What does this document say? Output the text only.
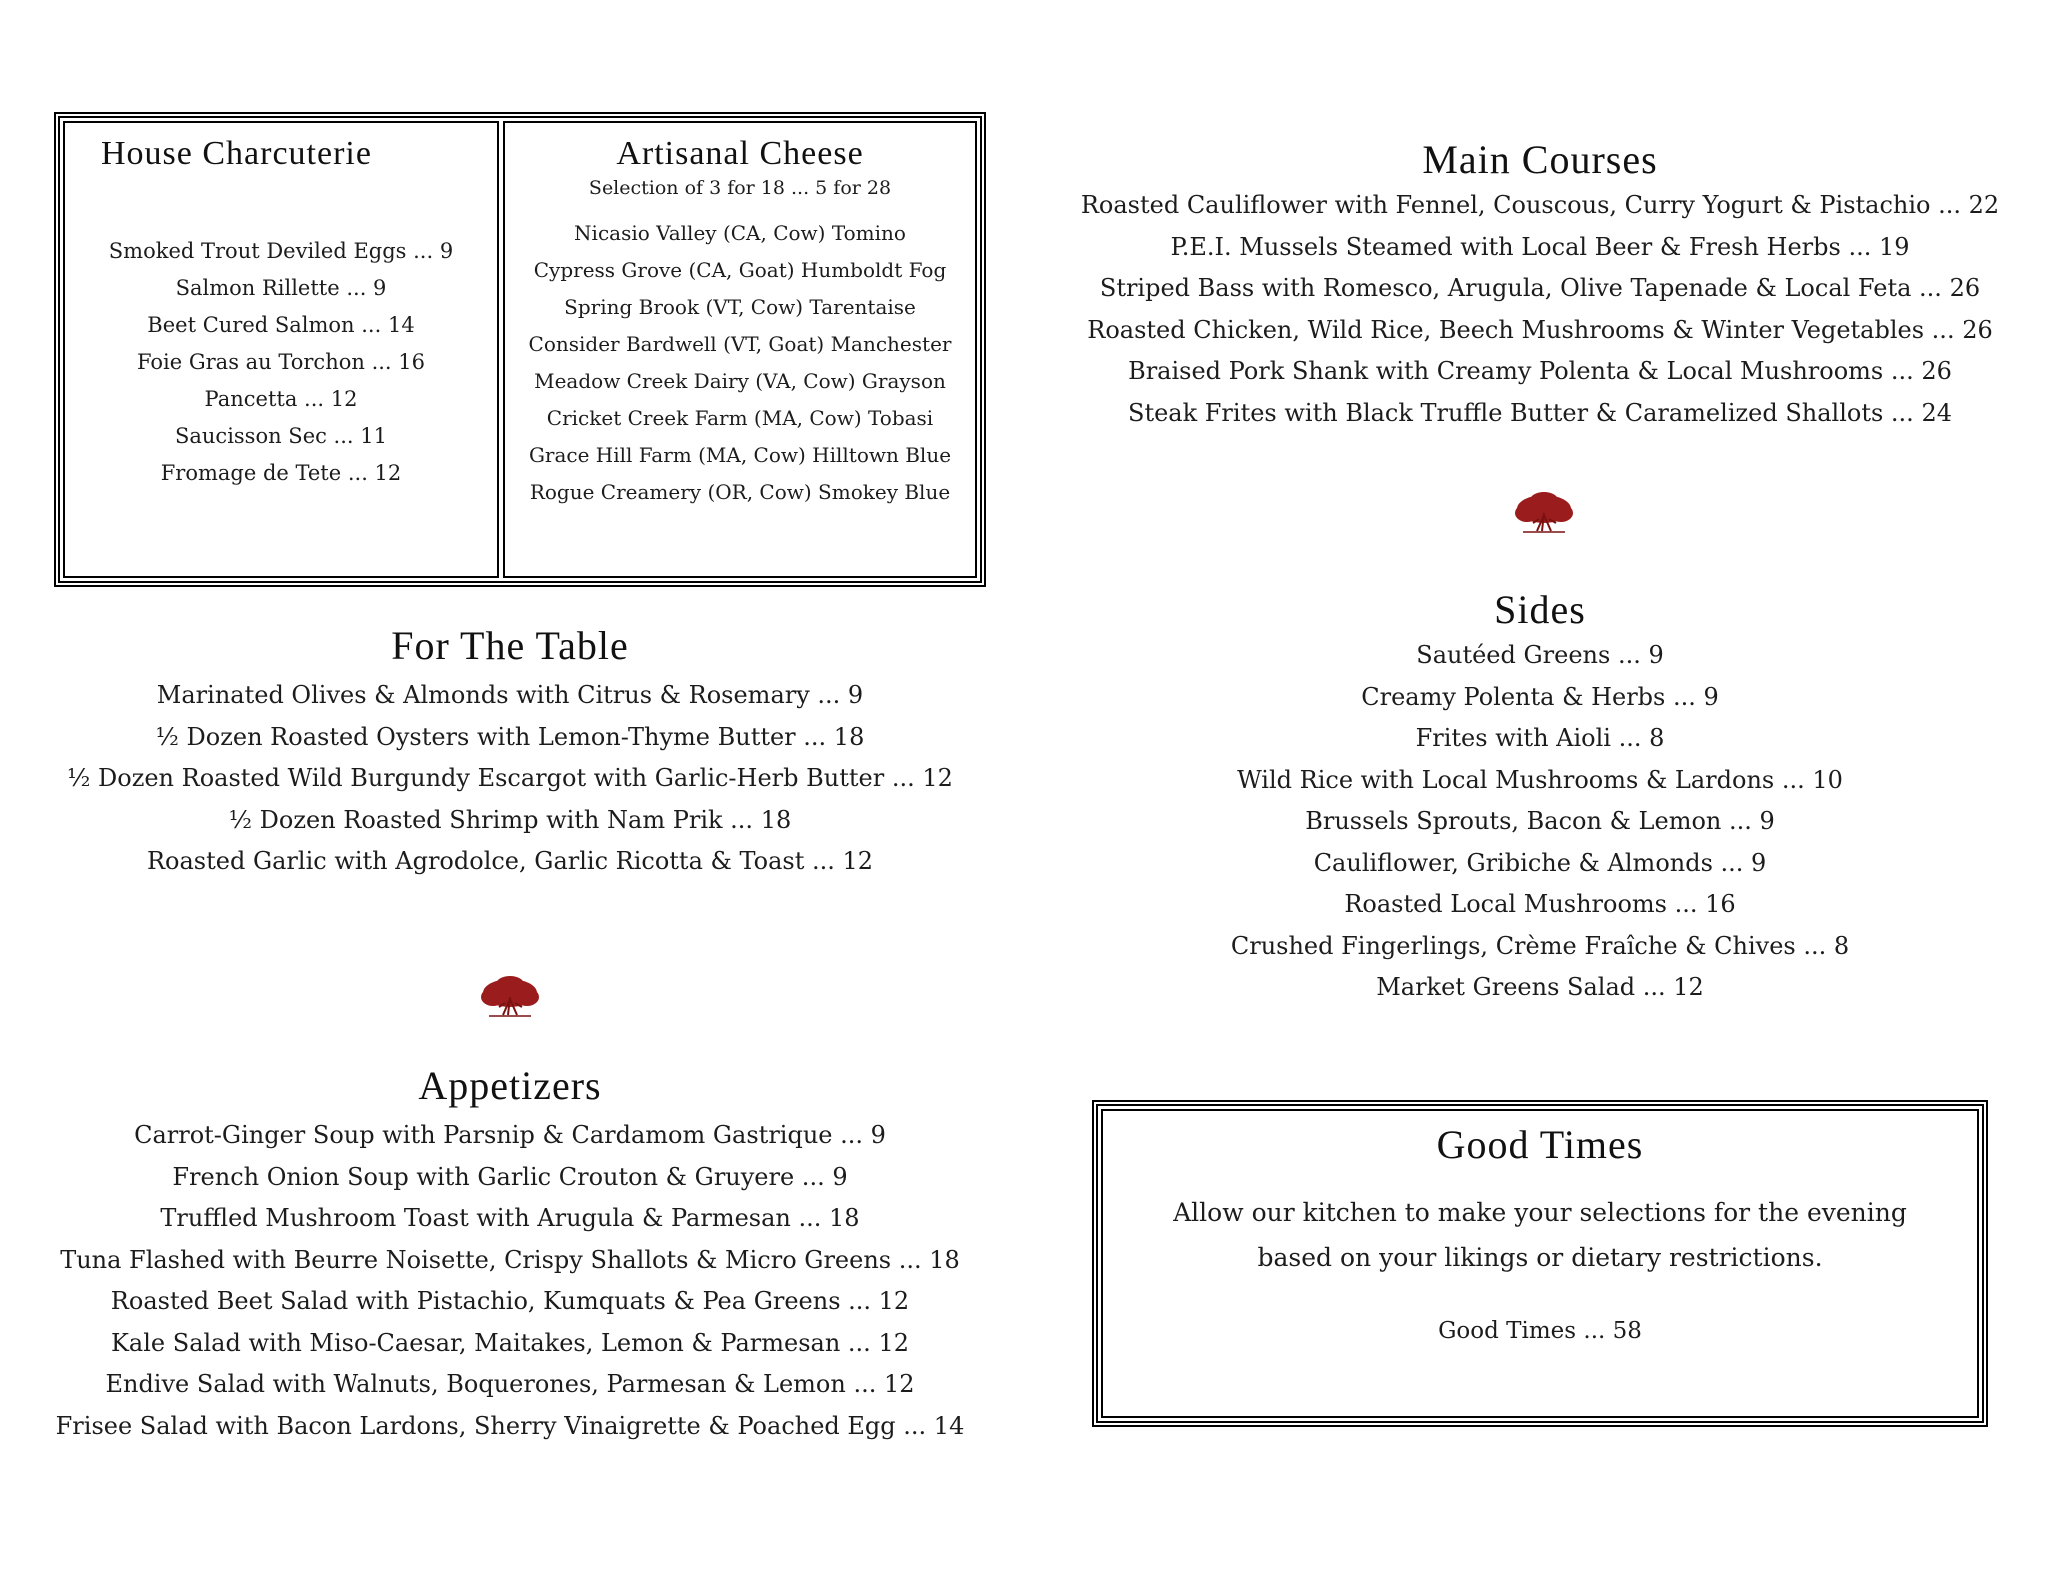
House Charcuterie
Smoked Trout Deviled Eggs ... 9
Salmon Rillette ... 9
Beet Cured Salmon ... 14
Foie Gras au Torchon ... 16
Pancetta ... 12
Saucisson Sec ... 11
Fromage de Tete ... 12
Artisanal Cheese
Selection of 3 for 18 ... 5 for 28
Nicasio Valley (CA, Cow) Tomino
Cypress Grove (CA, Goat) Humboldt Fog
Spring Brook (VT, Cow) Tarentaise
Consider Bardwell (VT, Goat) Manchester
Meadow Creek Dairy (VA, Cow) Grayson
Cricket Creek Farm (MA, Cow) Tobasi
Grace Hill Farm (MA, Cow) Hilltown Blue
Rogue Creamery (OR, Cow) Smokey Blue
For The Table
Marinated Olives & Almonds with Citrus & Rosemary ... 9
½ Dozen Roasted Oysters with Lemon-Thyme Butter ... 18
½ Dozen Roasted Wild Burgundy Escargot with Garlic-Herb Butter ... 12
½ Dozen Roasted Shrimp with Nam Prik ... 18
Roasted Garlic with Agrodolce, Garlic Ricotta & Toast ... 12
Appetizers
Carrot-Ginger Soup with Parsnip & Cardamom Gastrique ... 9
French Onion Soup with Garlic Crouton & Gruyere ... 9
Truffled Mushroom Toast with Arugula & Parmesan ... 18
Tuna Flashed with Beurre Noisette, Crispy Shallots & Micro Greens ... 18
Roasted Beet Salad with Pistachio, Kumquats & Pea Greens ... 12
Kale Salad with Miso-Caesar, Maitakes, Lemon & Parmesan ... 12
Endive Salad with Walnuts, Boquerones, Parmesan & Lemon ... 12
Frisee Salad with Bacon Lardons, Sherry Vinaigrette & Poached Egg ... 14
Main Courses
Roasted Cauliflower with Fennel, Couscous, Curry Yogurt & Pistachio ... 22
P.E.I. Mussels Steamed with Local Beer & Fresh Herbs ... 19
Striped Bass with Romesco, Arugula, Olive Tapenade & Local Feta ... 26
Roasted Chicken, Wild Rice, Beech Mushrooms & Winter Vegetables ... 26
Braised Pork Shank with Creamy Polenta & Local Mushrooms ... 26
Steak Frites with Black Truffle Butter & Caramelized Shallots ... 24
Sides
Sautéed Greens ... 9
Creamy Polenta & Herbs ... 9
Frites with Aioli ... 8
Wild Rice with Local Mushrooms & Lardons ... 10
Brussels Sprouts, Bacon & Lemon ... 9
Cauliflower, Gribiche & Almonds ... 9
Roasted Local Mushrooms ... 16
Crushed Fingerlings, Crème Fraîche & Chives ... 8
Market Greens Salad ... 12
Good Times
Allow our kitchen to make your selections for the evening
based on your likings or dietary restrictions.
Good Times ... 58
